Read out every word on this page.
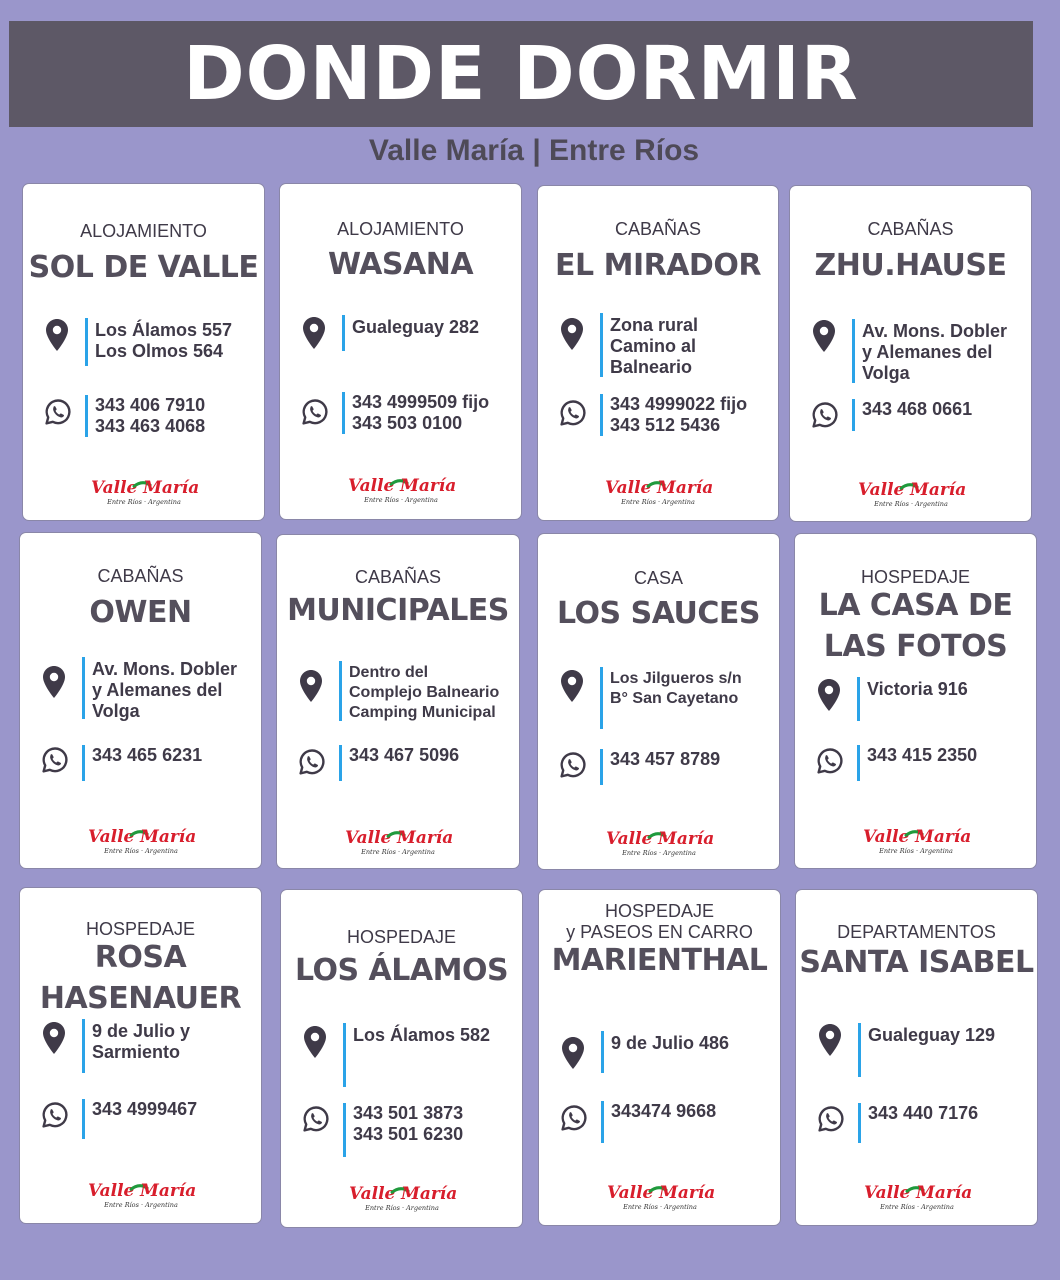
DONDE DORMIR
Valle María | Entre Ríos
ALOJAMIENTO
SOL DE VALLE
Los Álamos 557
Los Olmos 564
343 406 7910
343 463 4068
Valle María
Entre Ríos · Argentina
ALOJAMIENTO
WASANA
Gualeguay 282
343 4999509 fijo
343 503 0100
Valle María
Entre Ríos · Argentina
CABAÑAS
EL MIRADOR
Zona rural
Camino al
Balneario
343 4999022 fijo
343 512 5436
Valle María
Entre Ríos · Argentina
CABAÑAS
ZHU.HAUSE
Av. Mons. Dobler
y Alemanes del
Volga
343 468 0661
Valle María
Entre Ríos · Argentina
CABAÑAS
OWEN
Av. Mons. Dobler
y Alemanes del
Volga
343 465 6231
Valle María
Entre Ríos · Argentina
CABAÑAS
MUNICIPALES
Dentro del
Complejo Balneario
Camping Municipal
343 467 5096
Valle María
Entre Ríos · Argentina
CASA
LOS SAUCES
Los Jilgueros s/n
B° San Cayetano
343 457 8789
Valle María
Entre Ríos · Argentina
HOSPEDAJE
LA CASA DE
LAS FOTOS
Victoria 916
343 415 2350
Valle María
Entre Ríos · Argentina
HOSPEDAJE
ROSA
HASENAUER
9 de Julio y
Sarmiento
343 4999467
Valle María
Entre Ríos · Argentina
HOSPEDAJE
LOS ÁLAMOS
Los Álamos 582
343 501 3873
343 501 6230
Valle María
Entre Ríos · Argentina
HOSPEDAJE
y PASEOS EN CARRO
MARIENTHAL
9 de Julio 486
343474 9668
Valle María
Entre Ríos · Argentina
DEPARTAMENTOS
SANTA ISABEL
Gualeguay 129
343 440 7176
Valle María
Entre Ríos · Argentina
